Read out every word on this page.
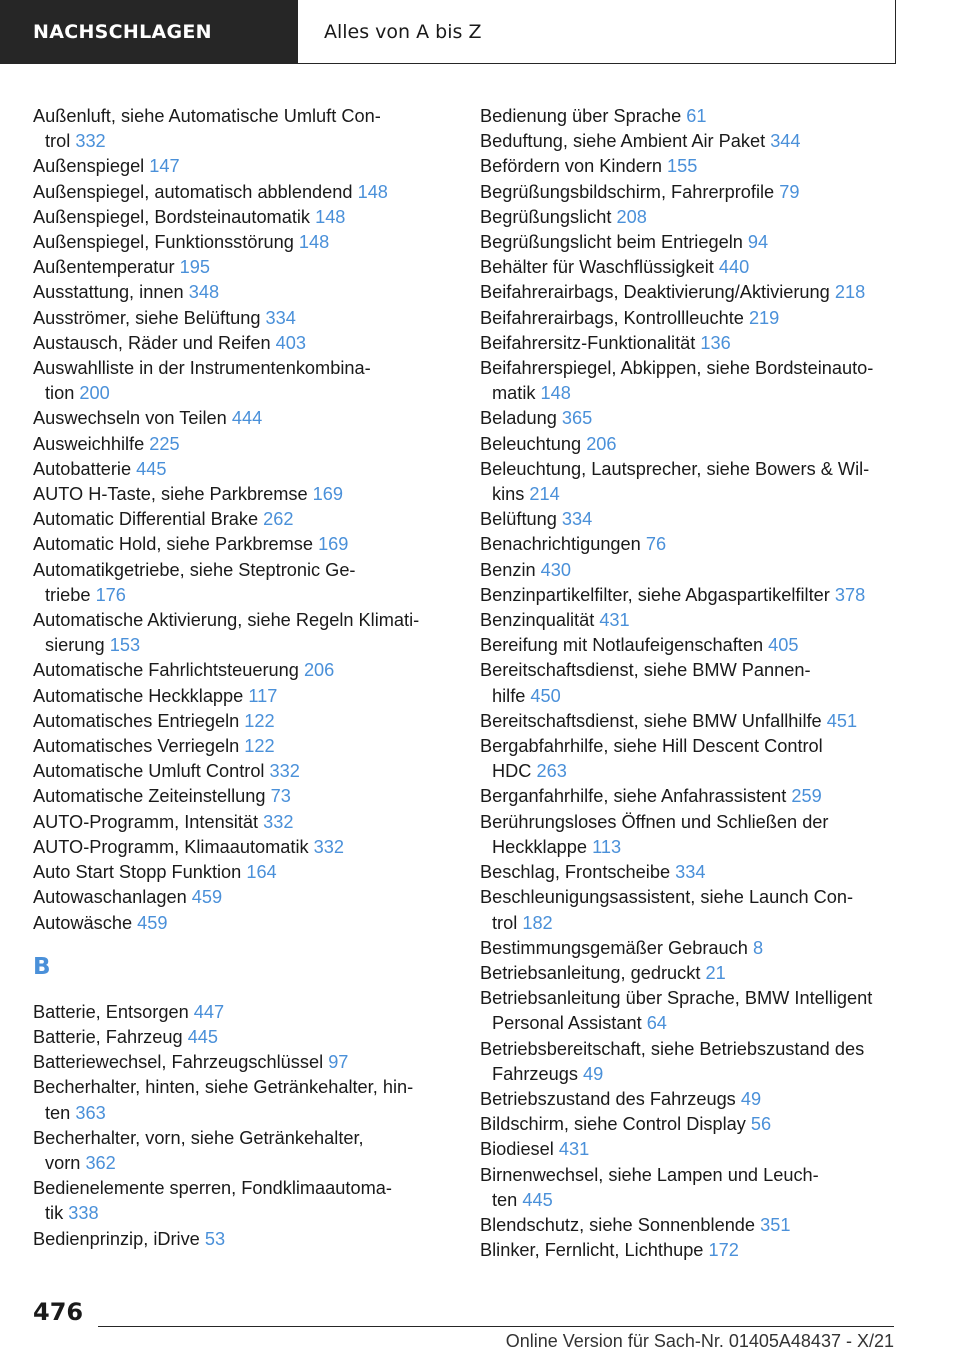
NACHSCHLAGEN	Alles von A bis Z
Außenluft, siehe Automatische Umluft Con-
trol 332
Außenspiegel 147
Außenspiegel, automatisch abblendend 148
Außenspiegel, Bordsteinautomatik 148
Außenspiegel, Funktionsstörung 148
Außentemperatur 195
Ausstattung, innen 348
Ausströmer, siehe Belüftung 334
Austausch, Räder und Reifen 403
Auswahlliste in der Instrumentenkombina-
tion 200
Auswechseln von Teilen 444
Ausweichhilfe 225
Autobatterie 445
AUTO H-Taste, siehe Parkbremse 169
Automatic Differential Brake 262
Automatic Hold, siehe Parkbremse 169
Automatikgetriebe, siehe Steptronic Ge-
triebe 176
Automatische Aktivierung, siehe Regeln Klimati-
sierung 153
Automatische Fahrlichtsteuerung 206
Automatische Heckklappe 117
Automatisches Entriegeln 122
Automatisches Verriegeln 122
Automatische Umluft Control 332
Automatische Zeiteinstellung 73
AUTO-Programm, Intensität 332
AUTO-Programm, Klimaautomatik 332
Auto Start Stopp Funktion 164
Autowaschanlagen 459
Autowäsche 459
B
Batterie, Entsorgen 447
Batterie, Fahrzeug 445
Batteriewechsel, Fahrzeugschlüssel 97
Becherhalter, hinten, siehe Getränkehalter, hin-
ten 363
Becherhalter, vorn, siehe Getränkehalter,
vorn 362
Bedienelemente sperren, Fondklimaautoma-
tik 338
Bedienprinzip, iDrive 53
Bedienung über Sprache 61
Beduftung, siehe Ambient Air Paket 344
Befördern von Kindern 155
Begrüßungsbildschirm, Fahrerprofile 79
Begrüßungslicht 208
Begrüßungslicht beim Entriegeln 94
Behälter für Waschflüssigkeit 440
Beifahrerairbags, Deaktivierung/Aktivierung 218
Beifahrerairbags, Kontrollleuchte 219
Beifahrersitz-Funktionalität 136
Beifahrerspiegel, Abkippen, siehe Bordsteinauto-
matik 148
Beladung 365
Beleuchtung 206
Beleuchtung, Lautsprecher, siehe Bowers & Wil-
kins 214
Belüftung 334
Benachrichtigungen 76
Benzin 430
Benzinpartikelfilter, siehe Abgaspartikelfilter 378
Benzinqualität 431
Bereifung mit Notlaufeigenschaften 405
Bereitschaftsdienst, siehe BMW Pannen-
hilfe 450
Bereitschaftsdienst, siehe BMW Unfallhilfe 451
Bergabfahrhilfe, siehe Hill Descent Control
HDC 263
Berganfahrhilfe, siehe Anfahrassistent 259
Berührungsloses Öffnen und Schließen der
Heckklappe 113
Beschlag, Frontscheibe 334
Beschleunigungsassistent, siehe Launch Con-
trol 182
Bestimmungsgemäßer Gebrauch 8
Betriebsanleitung, gedruckt 21
Betriebsanleitung über Sprache, BMW Intelligent
Personal Assistant 64
Betriebsbereitschaft, siehe Betriebszustand des
Fahrzeugs 49
Betriebszustand des Fahrzeugs 49
Bildschirm, siehe Control Display 56
Biodiesel 431
Birnenwechsel, siehe Lampen und Leuch-
ten 445
Blendschutz, siehe Sonnenblende 351
Blinker, Fernlicht, Lichthupe 172
476
Online Version für Sach-Nr. 01405A48437 - X/21
